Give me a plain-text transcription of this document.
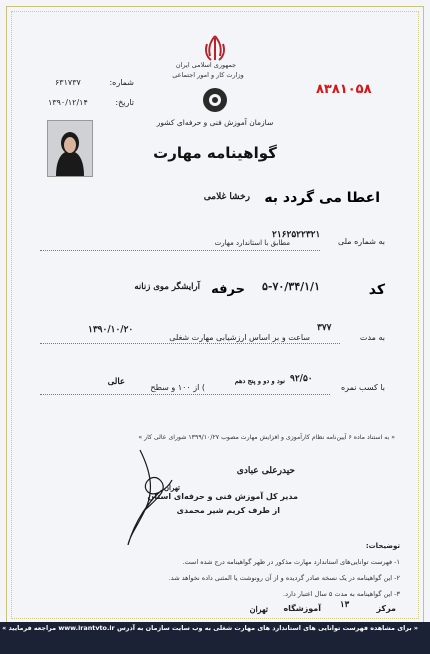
جمهوری اسلامی ایران
وزارت کار و امور اجتماعی
سازمان آموزش فنی و حرفه‌ای کشور
۸۳۸۱۰۵۸
۶۳۱۷۳۷	شماره:
۱۳۹۰/۱۲/۱۴	تاریخ:
گواهینامه مهارت
اعطا می گردد به
رخشا غلامی
به شماره ملی
۲۱۶۲۵۲۲۳۲۱
مطابق با استاندارد مهارت
کد
۵-۷۰/۳۴/۱/۱
حرفه
آرایشگر موی زنانه
به مدت
۳۷۷
ساعت و بر اساس ارزشیابی مهارت شغلی
۱۳۹۰/۱۰/۲۰
با کسب نمره
۹۲/۵۰
نود و دو و پنج دهم
) از ۱۰۰ و سطح
عالی
« به استناد ماده ۶ آیین‌نامه نظام کارآموزی و افزایش مهارت مصوب ۱۳۹۹/۱۰/۲۷ شورای عالی کار »
حیدرعلی عبادی
مدیر کل آموزش فنی و حرفه‌ای استان
تهران
از طرف کریم شیر محمدی
توضیحات:
۱- فهرست توانایی‌های استاندارد مهارت مذکور در ظهر گواهینامه درج شده است.
۲- این گواهینامه در یک نسخه صادر گردیده و از آن رونوشت یا المثنی داده نخواهد شد.
۳- این گواهینامه به مدت ۵ سال اعتبار دارد.
مرکز
۱۳
آموزشگاه
تهران
« برای مشاهده فهرست توانایی های استاندارد های مهارت شغلی به وب سایت سازمان به آدرس www.irantvto.ir مراجعه فرمایید »
